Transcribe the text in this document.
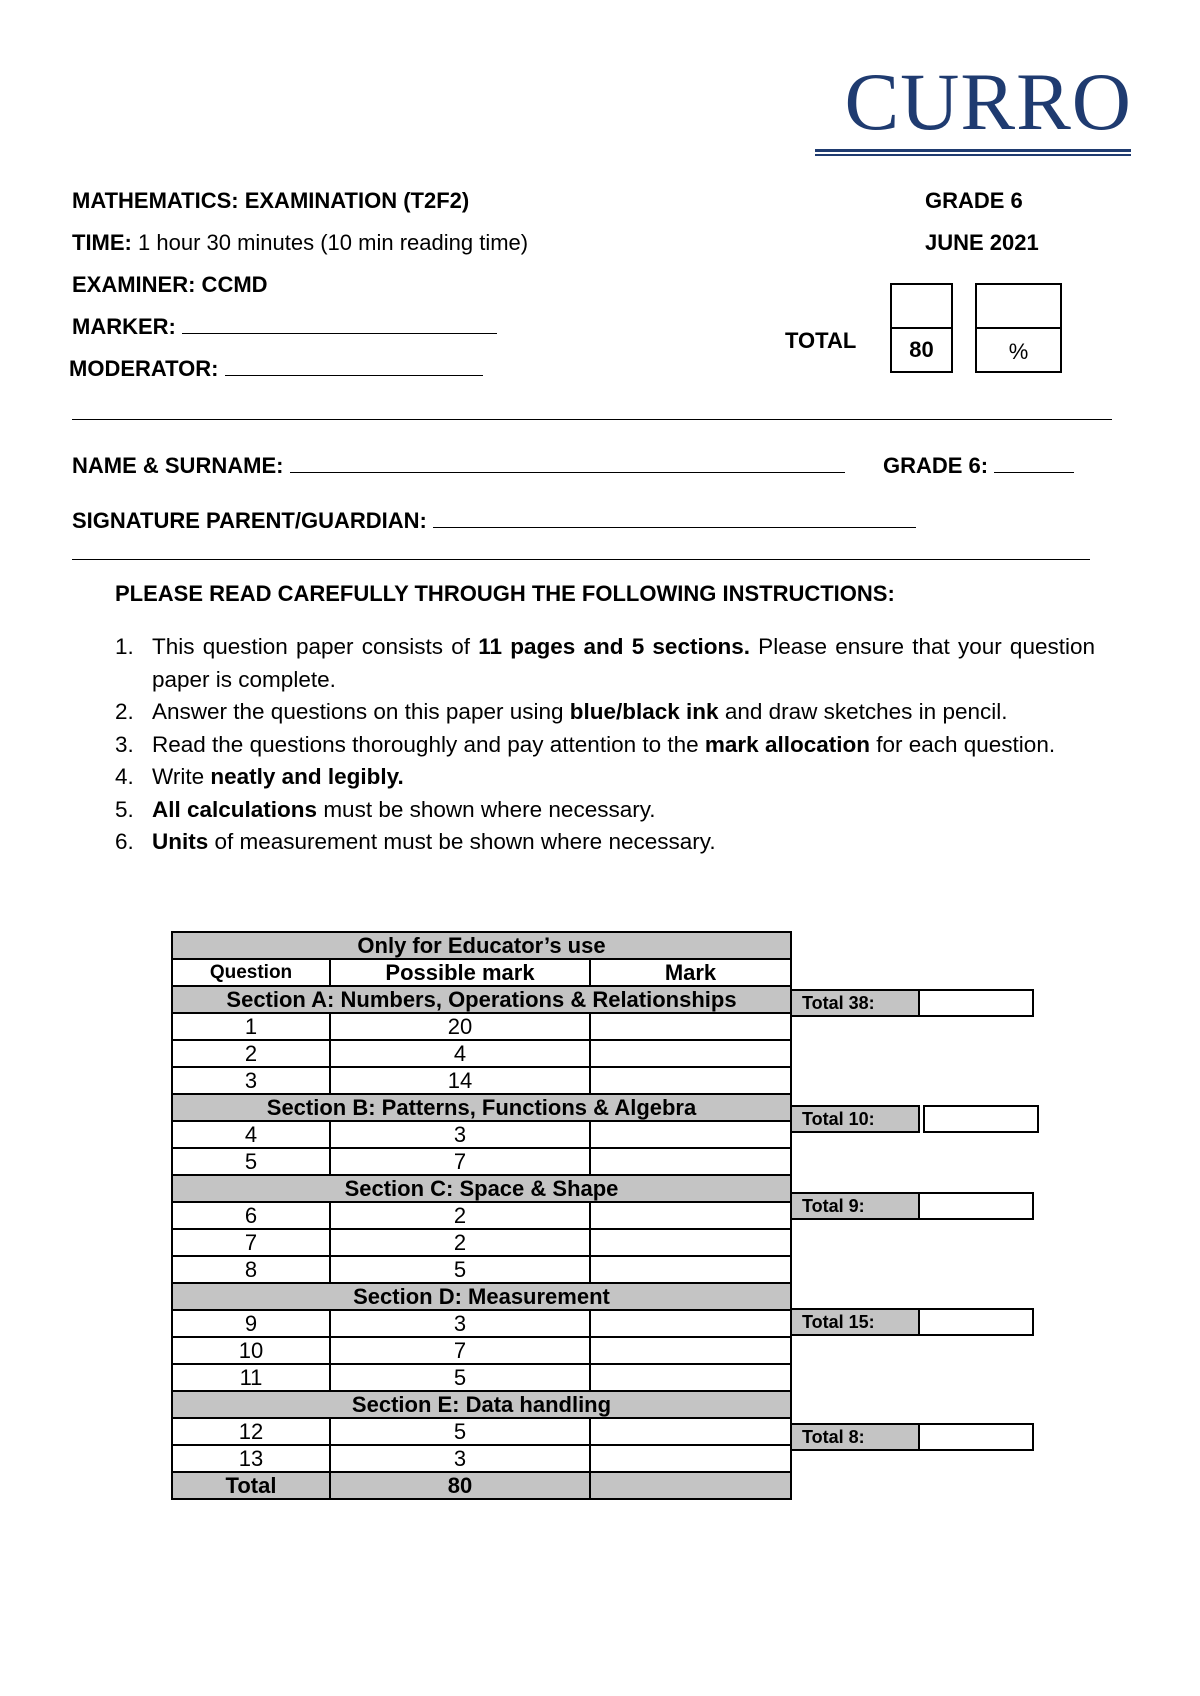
CURRO
MATHEMATICS: EXAMINATION (T2F2)	GRADE 6
TIME: 1 hour 30 minutes (10 min reading time)	JUNE 2021
EXAMINER: CCMD
MARKER:
MODERATOR:
TOTAL	80	%
NAME & SURNAME:	GRADE 6:
SIGNATURE PARENT/GUARDIAN:
PLEASE READ CAREFULLY THROUGH THE FOLLOWING INSTRUCTIONS:
1. This question paper consists of 11 pages and 5 sections. Please ensure that your question paper is complete.
2. Answer the questions on this paper using blue/black ink and draw sketches in pencil.
3. Read the questions thoroughly and pay attention to the mark allocation for each question.
4. Write neatly and legibly.
5. All calculations must be shown where necessary.
6. Units of measurement must be shown where necessary.
Only for Educator’s use		
Question	Possible mark	Mark
Section A: Numbers, Operations & Relationships		
1	20	
2	4	
3	14	
Section B: Patterns, Functions & Algebra		
4	3	
5	7	
Section C: Space & Shape		
6	2	
7	2	
8	5	
Section D: Measurement		
9	3	
10	7	
11	5	
Section E: Data handling		
12	5	
13	3	
Total	80	
Total 38:
Total 10:
Total 9:
Total 15:
Total 8:
